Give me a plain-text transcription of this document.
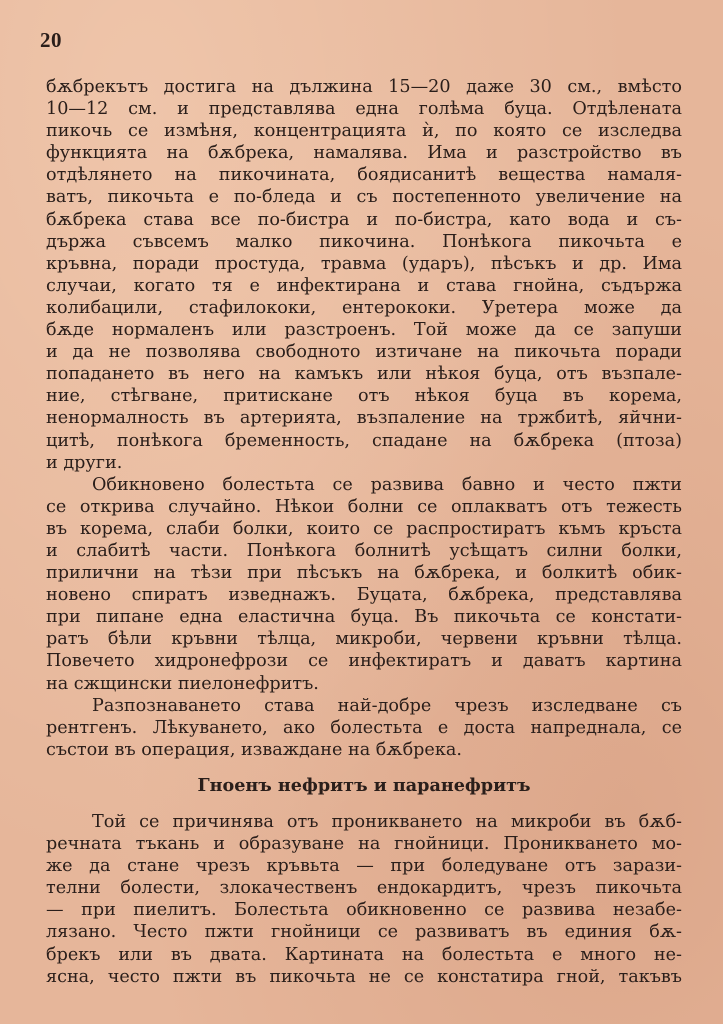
20
бѫбрекътъ достига на дължина 15—20 даже 30 см., вмѣсто
10—12 см. и представлява една голѣма буца. Отдѣлената
пикочь се измѣня, концентрацията ѝ, по която се изследва
функцията на бѫбрека, намалява. Има и разстройство въ
отдѣлянето на пикочината, боядисанитѣ вещества намаля-
ватъ, пикочьта е по-бледа и съ постепенното увеличение на
бѫбрека става все по-бистра и по-бистра, като вода и съ-
държа съвсемъ малко пикочина. Понѣкога пикочьта е
кръвна, поради простуда, травма (ударъ), пѣсъкъ и др. Има
случаи, когато тя е инфектирана и става гнойна, съдържа
колибацили, стафилококи, ентерококи. Уретера може да
бѫде нормаленъ или разстроенъ. Той може да се запуши
и да не позволява свободното изтичане на пикочьта поради
попадането въ него на камъкъ или нѣкоя буца, отъ възпале-
ние, стѣгване, притискане отъ нѣкоя буца въ корема,
ненормалность въ артерията, възпаление на тржбитѣ, яйчни-
цитѣ, понѣкога бременность, спадане на бѫбрека (птоза)
и други.
Обикновено болестьта се развива бавно и често пжти
се открива случайно. Нѣкои болни се оплакватъ отъ тежесть
въ корема, слаби болки, които се распростиратъ къмъ кръста
и слабитѣ части. Понѣкога болнитѣ усѣщатъ силни болки,
прилични на тѣзи при пѣсъкъ на бѫбрека, и болкитѣ обик-
новено спиратъ изведнажъ. Буцата, бѫбрека, представлява
при пипане една еластична буца. Въ пикочьта се констати-
ратъ бѣли кръвни тѣлца, микроби, червени кръвни тѣлца.
Повечето хидронефрози се инфектиратъ и даватъ картина
на сжщински пиелонефритъ.
Разпознаването става най-добре чрезъ изследване съ
рентгенъ. Лѣкуването, ако болестьта е доста напреднала, се
състои въ операция, изваждане на бѫбрека.
Гноенъ нефритъ и паранефритъ
Той се причинява отъ проникването на микроби въ бѫб-
речната тъкань и образуване на гнойници. Проникването мо-
же да стане чрезъ кръвьта — при боледуване отъ зарази-
телни болести, злокачественъ ендокардитъ, чрезъ пикочьта
— при пиелитъ. Болестьта обикновенно се развива незабе-
лязано. Често пжти гнойници се развиватъ въ единия бѫ-
брекъ или въ двата. Картината на болестьта е много не-
ясна, често пжти въ пикочьта не се констатира гной, такъвъ
